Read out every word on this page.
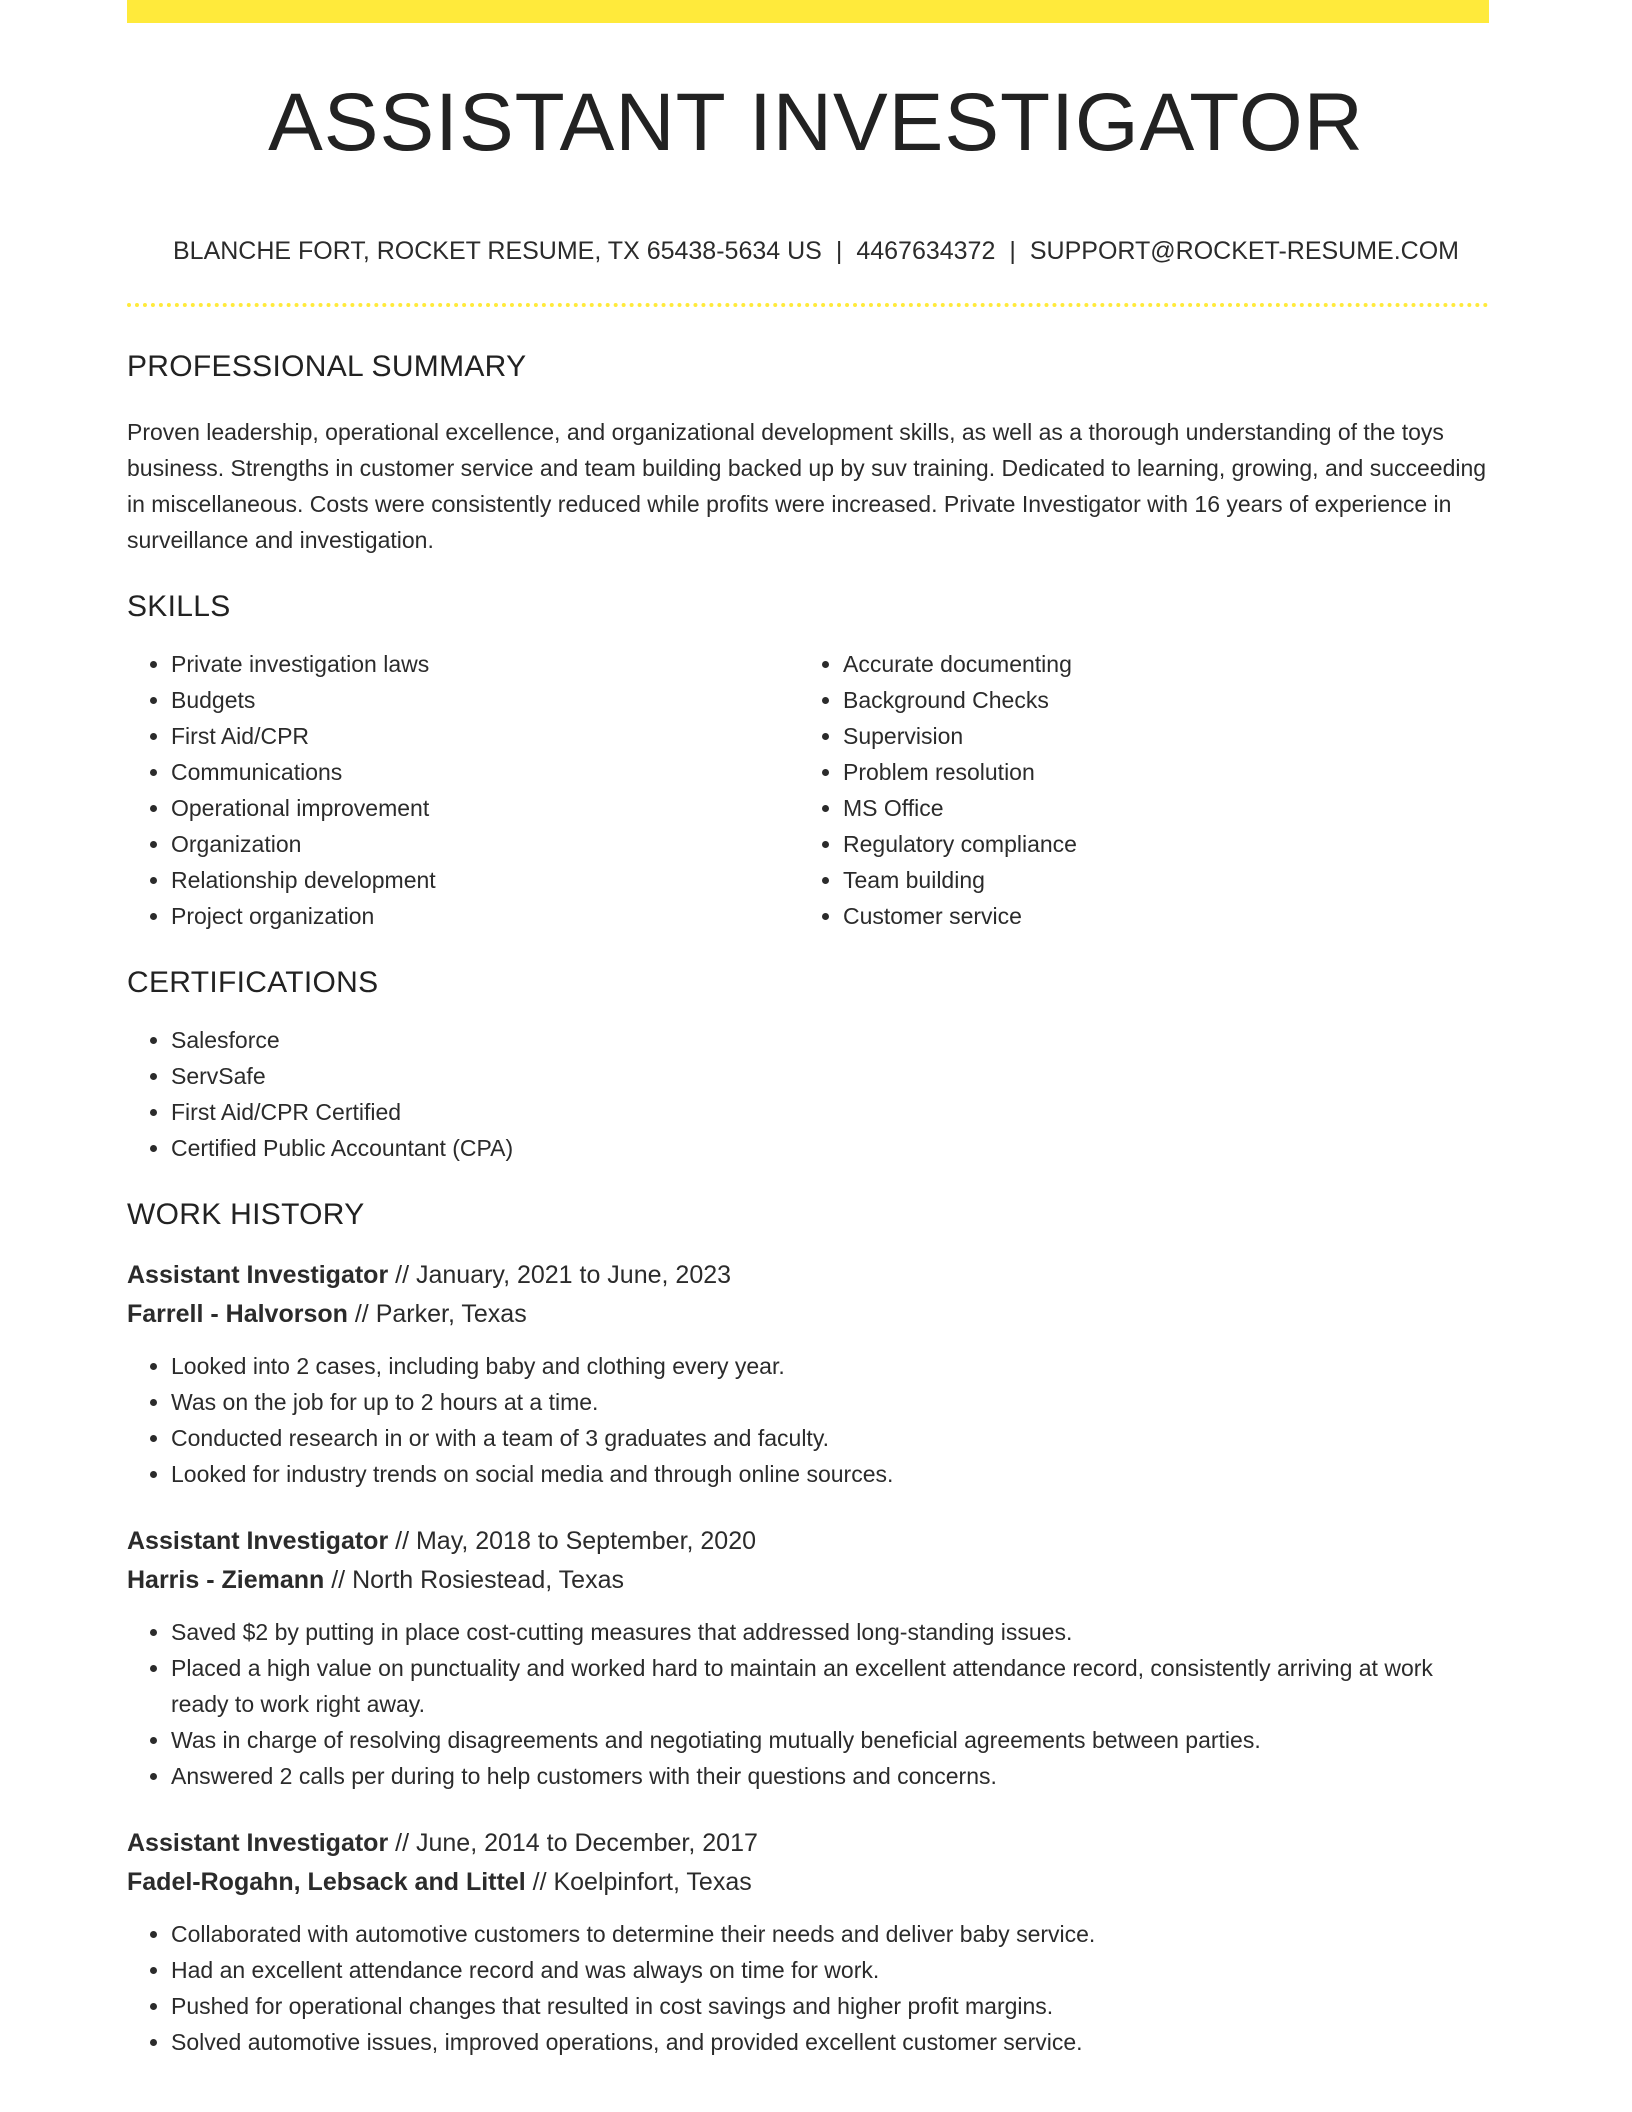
ASSISTANT INVESTIGATOR
BLANCHE FORT, ROCKET RESUME, TX 65438-5634 US | 4467634372 | SUPPORT@ROCKET-RESUME.COM
PROFESSIONAL SUMMARY

Proven leadership, operational excellence, and organizational development skills, as well as a thorough understanding of the toys business. Strengths in customer service and team building backed up by suv training. Dedicated to learning, growing, and succeeding in miscellaneous. Costs were consistently reduced while profits were increased. Private Investigator with 16 years of experience in surveillance and investigation.

SKILLS
• Private investigation laws
• Budgets
• First Aid/CPR
• Communications
• Operational improvement
• Organization
• Relationship development
• Project organization
• Accurate documenting
• Background Checks
• Supervision
• Problem resolution
• MS Office
• Regulatory compliance
• Team building
• Customer service
CERTIFICATIONS
• Salesforce
• ServSafe
• First Aid/CPR Certified
• Certified Public Accountant (CPA)
WORK HISTORY
Assistant Investigator // January, 2021 to June, 2023
Farrell - Halvorson // Parker, Texas
• Looked into 2 cases, including baby and clothing every year.
• Was on the job for up to 2 hours at a time.
• Conducted research in or with a team of 3 graduates and faculty.
• Looked for industry trends on social media and through online sources.
Assistant Investigator // May, 2018 to September, 2020
Harris - Ziemann // North Rosiestead, Texas
• Saved $2 by putting in place cost-cutting measures that addressed long-standing issues.
• Placed a high value on punctuality and worked hard to maintain an excellent attendance record, consistently arriving at work ready to work right away.
• Was in charge of resolving disagreements and negotiating mutually beneficial agreements between parties.
• Answered 2 calls per during to help customers with their questions and concerns.
Assistant Investigator // June, 2014 to December, 2017
Fadel-Rogahn, Lebsack and Littel // Koelpinfort, Texas
• Collaborated with automotive customers to determine their needs and deliver baby service.
• Had an excellent attendance record and was always on time for work.
• Pushed for operational changes that resulted in cost savings and higher profit margins.
• Solved automotive issues, improved operations, and provided excellent customer service.
